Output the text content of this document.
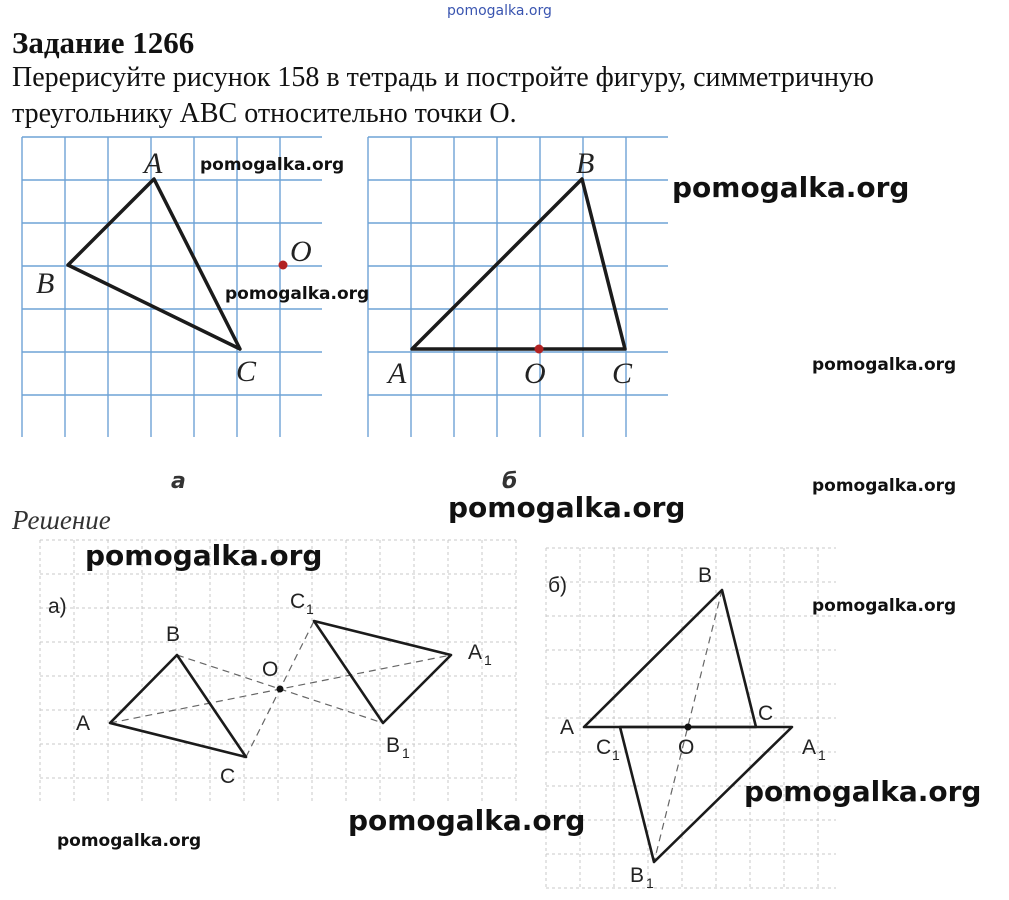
pomogalka.org
Задание 1266
Перерисуйте рисунок 158 в тетрадь и постройте фигуру, симметричную треугольнику ABC относительно точки O.
A
B
C
O
B
A	O C
а	б
Решение
а)
A
B
C
O
C 1
A 1
B 1
б)	B
A
C
C 1	O	A 1
B 1
pomogalka.org
pomogalka.org
pomogalka.org
pomogalka.org
pomogalka.org
pomogalka.org
pomogalka.org
pomogalka.org
pomogalka.org
pomogalka.org
pomogalka.org
